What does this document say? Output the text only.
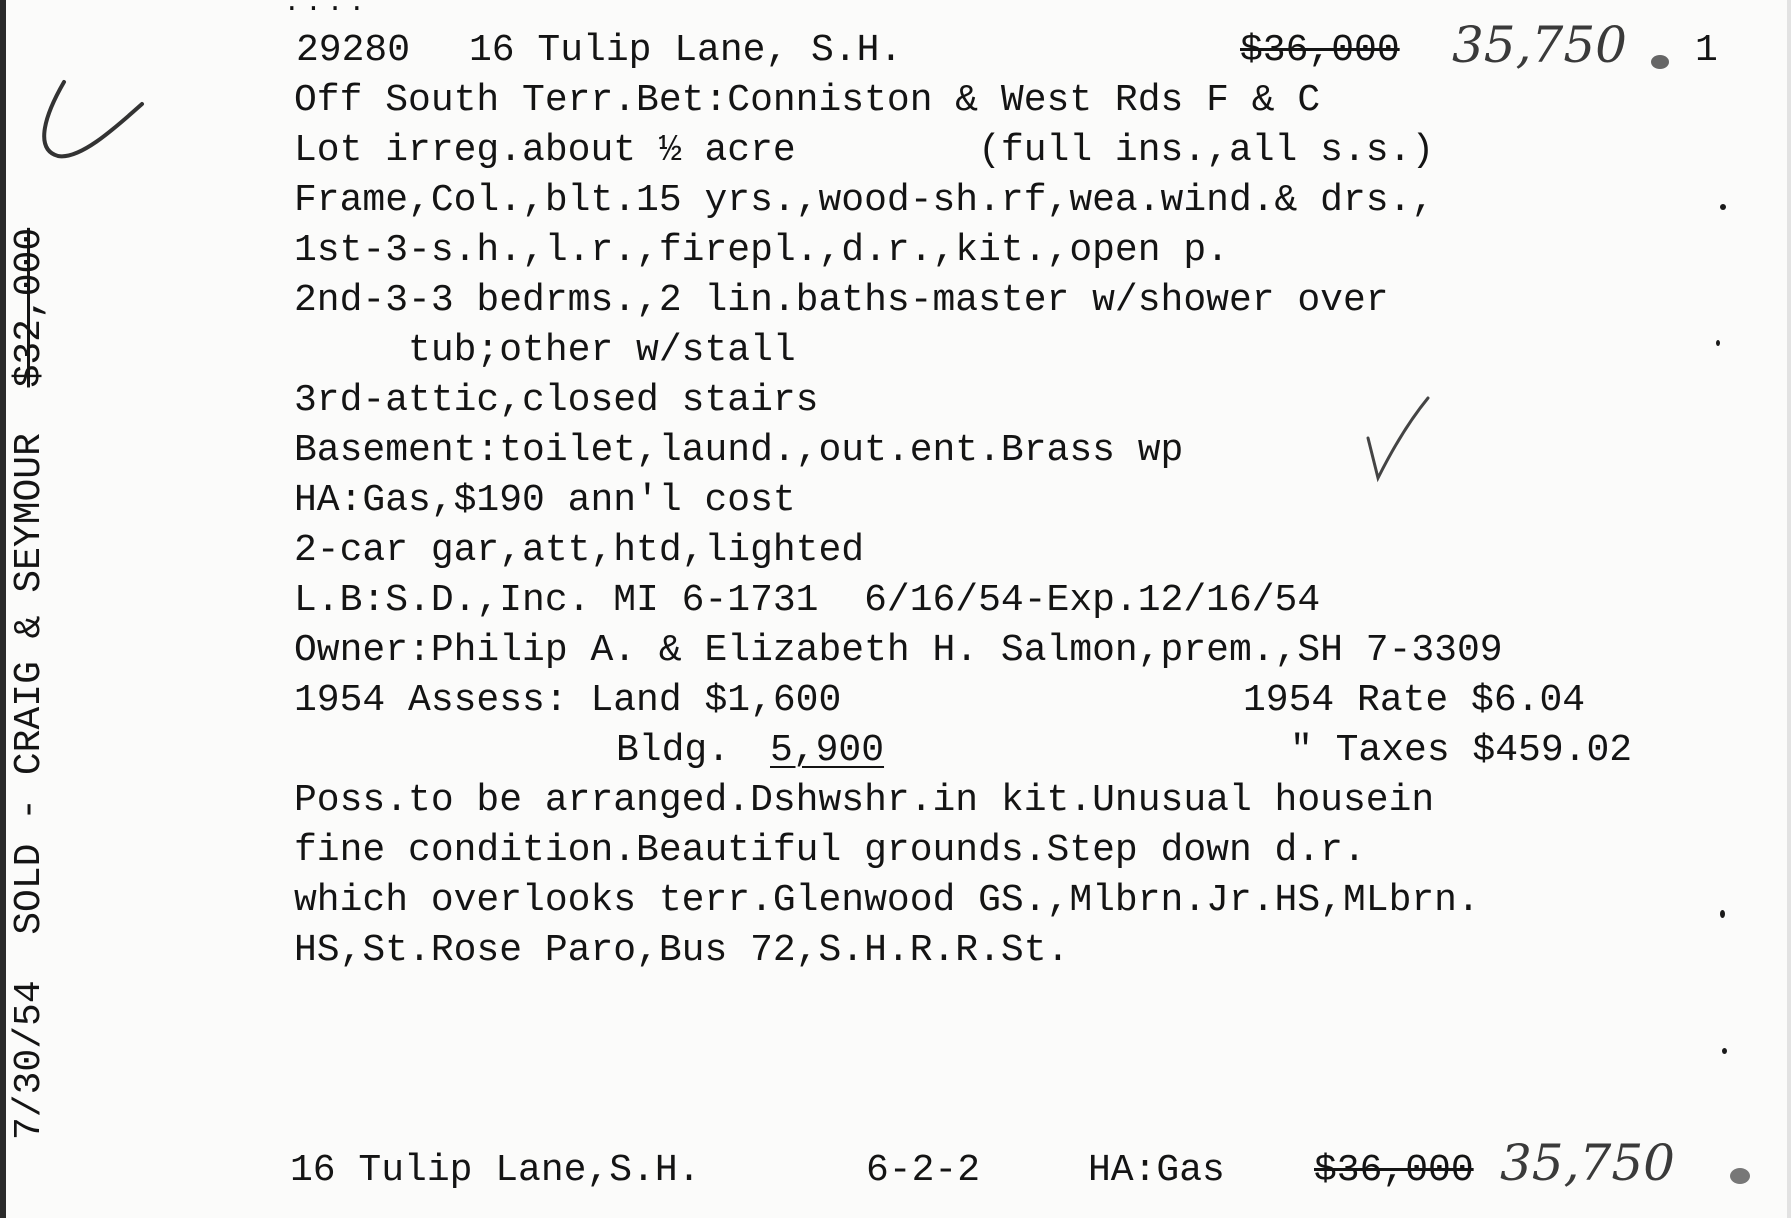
····
29280 16 Tulip Lane, S.H.	$36,000 35,750 1
Off South Terr.Bet:Conniston & West Rds F & C
Lot irreg.about ½ acre        (full ins.,all s.s.)
Frame,Col.,blt.15 yrs.,wood-sh.rf,wea.wind.& drs.,
1st-3-s.h.,l.r.,firepl.,d.r.,kit.,open p.
2nd-3-3 bedrms.,2 lin.baths-master w/shower over
tub;other w/stall
3rd-attic,closed stairs
Basement:toilet,laund.,out.ent.Brass wp
HA:Gas,$190 ann'l cost
2-car gar,att,htd,lighted
L.B:S.D.,Inc. MI 6-1731  6/16/54-Exp.12/16/54
Owner:Philip A. & Elizabeth H. Salmon,prem.,SH 7-3309
1954 Assess: Land $1,600	1954 Rate $6.04
Bldg. 5,900	" Taxes $459.02
Poss.to be arranged.Dshwshr.in kit.Unusual housein
fine condition.Beautiful grounds.Step down d.r.
which overlooks terr.Glenwood GS.,Mlbrn.Jr.HS,MLbrn.
HS,St.Rose Paro,Bus 72,S.H.R.R.St.
16 Tulip Lane,S.H.	6-2-2	HA:Gas $36,000 35,750
7/30/54  SOLD - CRAIG & SEYMOUR  $32,000
